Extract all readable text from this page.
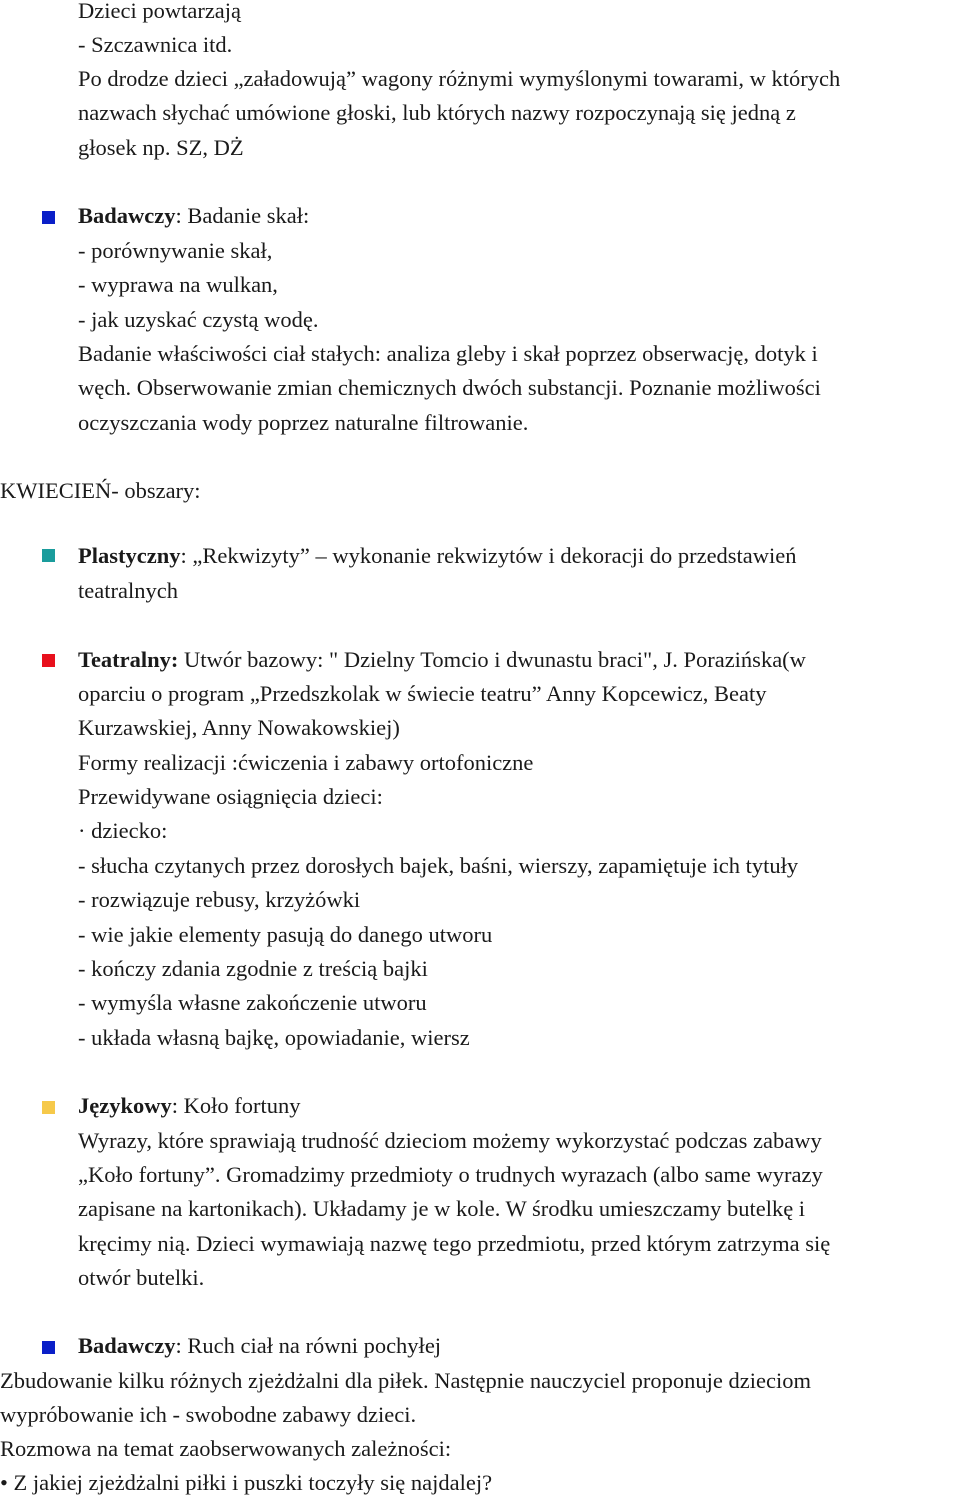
Dzieci powtarzają
- Szczawnica itd.
Po drodze dzieci „załadowują” wagony różnymi wymyślonymi towarami, w których
nazwach słychać umówione głoski, lub których nazwy rozpoczynają się jedną z
głosek np. SZ, DŻ
Badawczy: Badanie skał:
- porównywanie skał,
- wyprawa na wulkan,
- jak uzyskać czystą wodę.
Badanie właściwości ciał stałych: analiza gleby i skał poprzez obserwację, dotyk i
węch. Obserwowanie zmian chemicznych dwóch substancji. Poznanie możliwości
oczyszczania wody poprzez naturalne filtrowanie.
KWIECIEŃ- obszary:
Plastyczny: „Rekwizyty” – wykonanie rekwizytów i dekoracji do przedstawień
teatralnych
Teatralny: Utwór bazowy: " Dzielny Tomcio i dwunastu braci", J. Porazińska(w
oparciu o program „Przedszkolak w świecie teatru” Anny Kopcewicz, Beaty
Kurzawskiej, Anny Nowakowskiej)
Formy realizacji :ćwiczenia i zabawy ortofoniczne
Przewidywane osiągnięcia dzieci:
· dziecko:
- słucha czytanych przez dorosłych bajek, baśni, wierszy, zapamiętuje ich tytuły
- rozwiązuje rebusy, krzyżówki
- wie jakie elementy pasują do danego utworu
- kończy zdania zgodnie z treścią bajki
- wymyśla własne zakończenie utworu
- układa własną bajkę, opowiadanie, wiersz
Językowy: Koło fortuny
Wyrazy, które sprawiają trudność dzieciom możemy wykorzystać podczas zabawy
„Koło fortuny”. Gromadzimy przedmioty o trudnych wyrazach (albo same wyrazy
zapisane na kartonikach). Układamy je w kole. W środku umieszczamy butelkę i
kręcimy nią. Dzieci wymawiają nazwę tego przedmiotu, przed którym zatrzyma się
otwór butelki.
Badawczy: Ruch ciał na równi pochyłej
Zbudowanie kilku różnych zjeżdżalni dla piłek. Następnie nauczyciel proponuje dzieciom
wypróbowanie ich - swobodne zabawy dzieci.
Rozmowa na temat zaobserwowanych zależności:
• Z jakiej zjeżdżalni piłki i puszki toczyły się najdalej?
